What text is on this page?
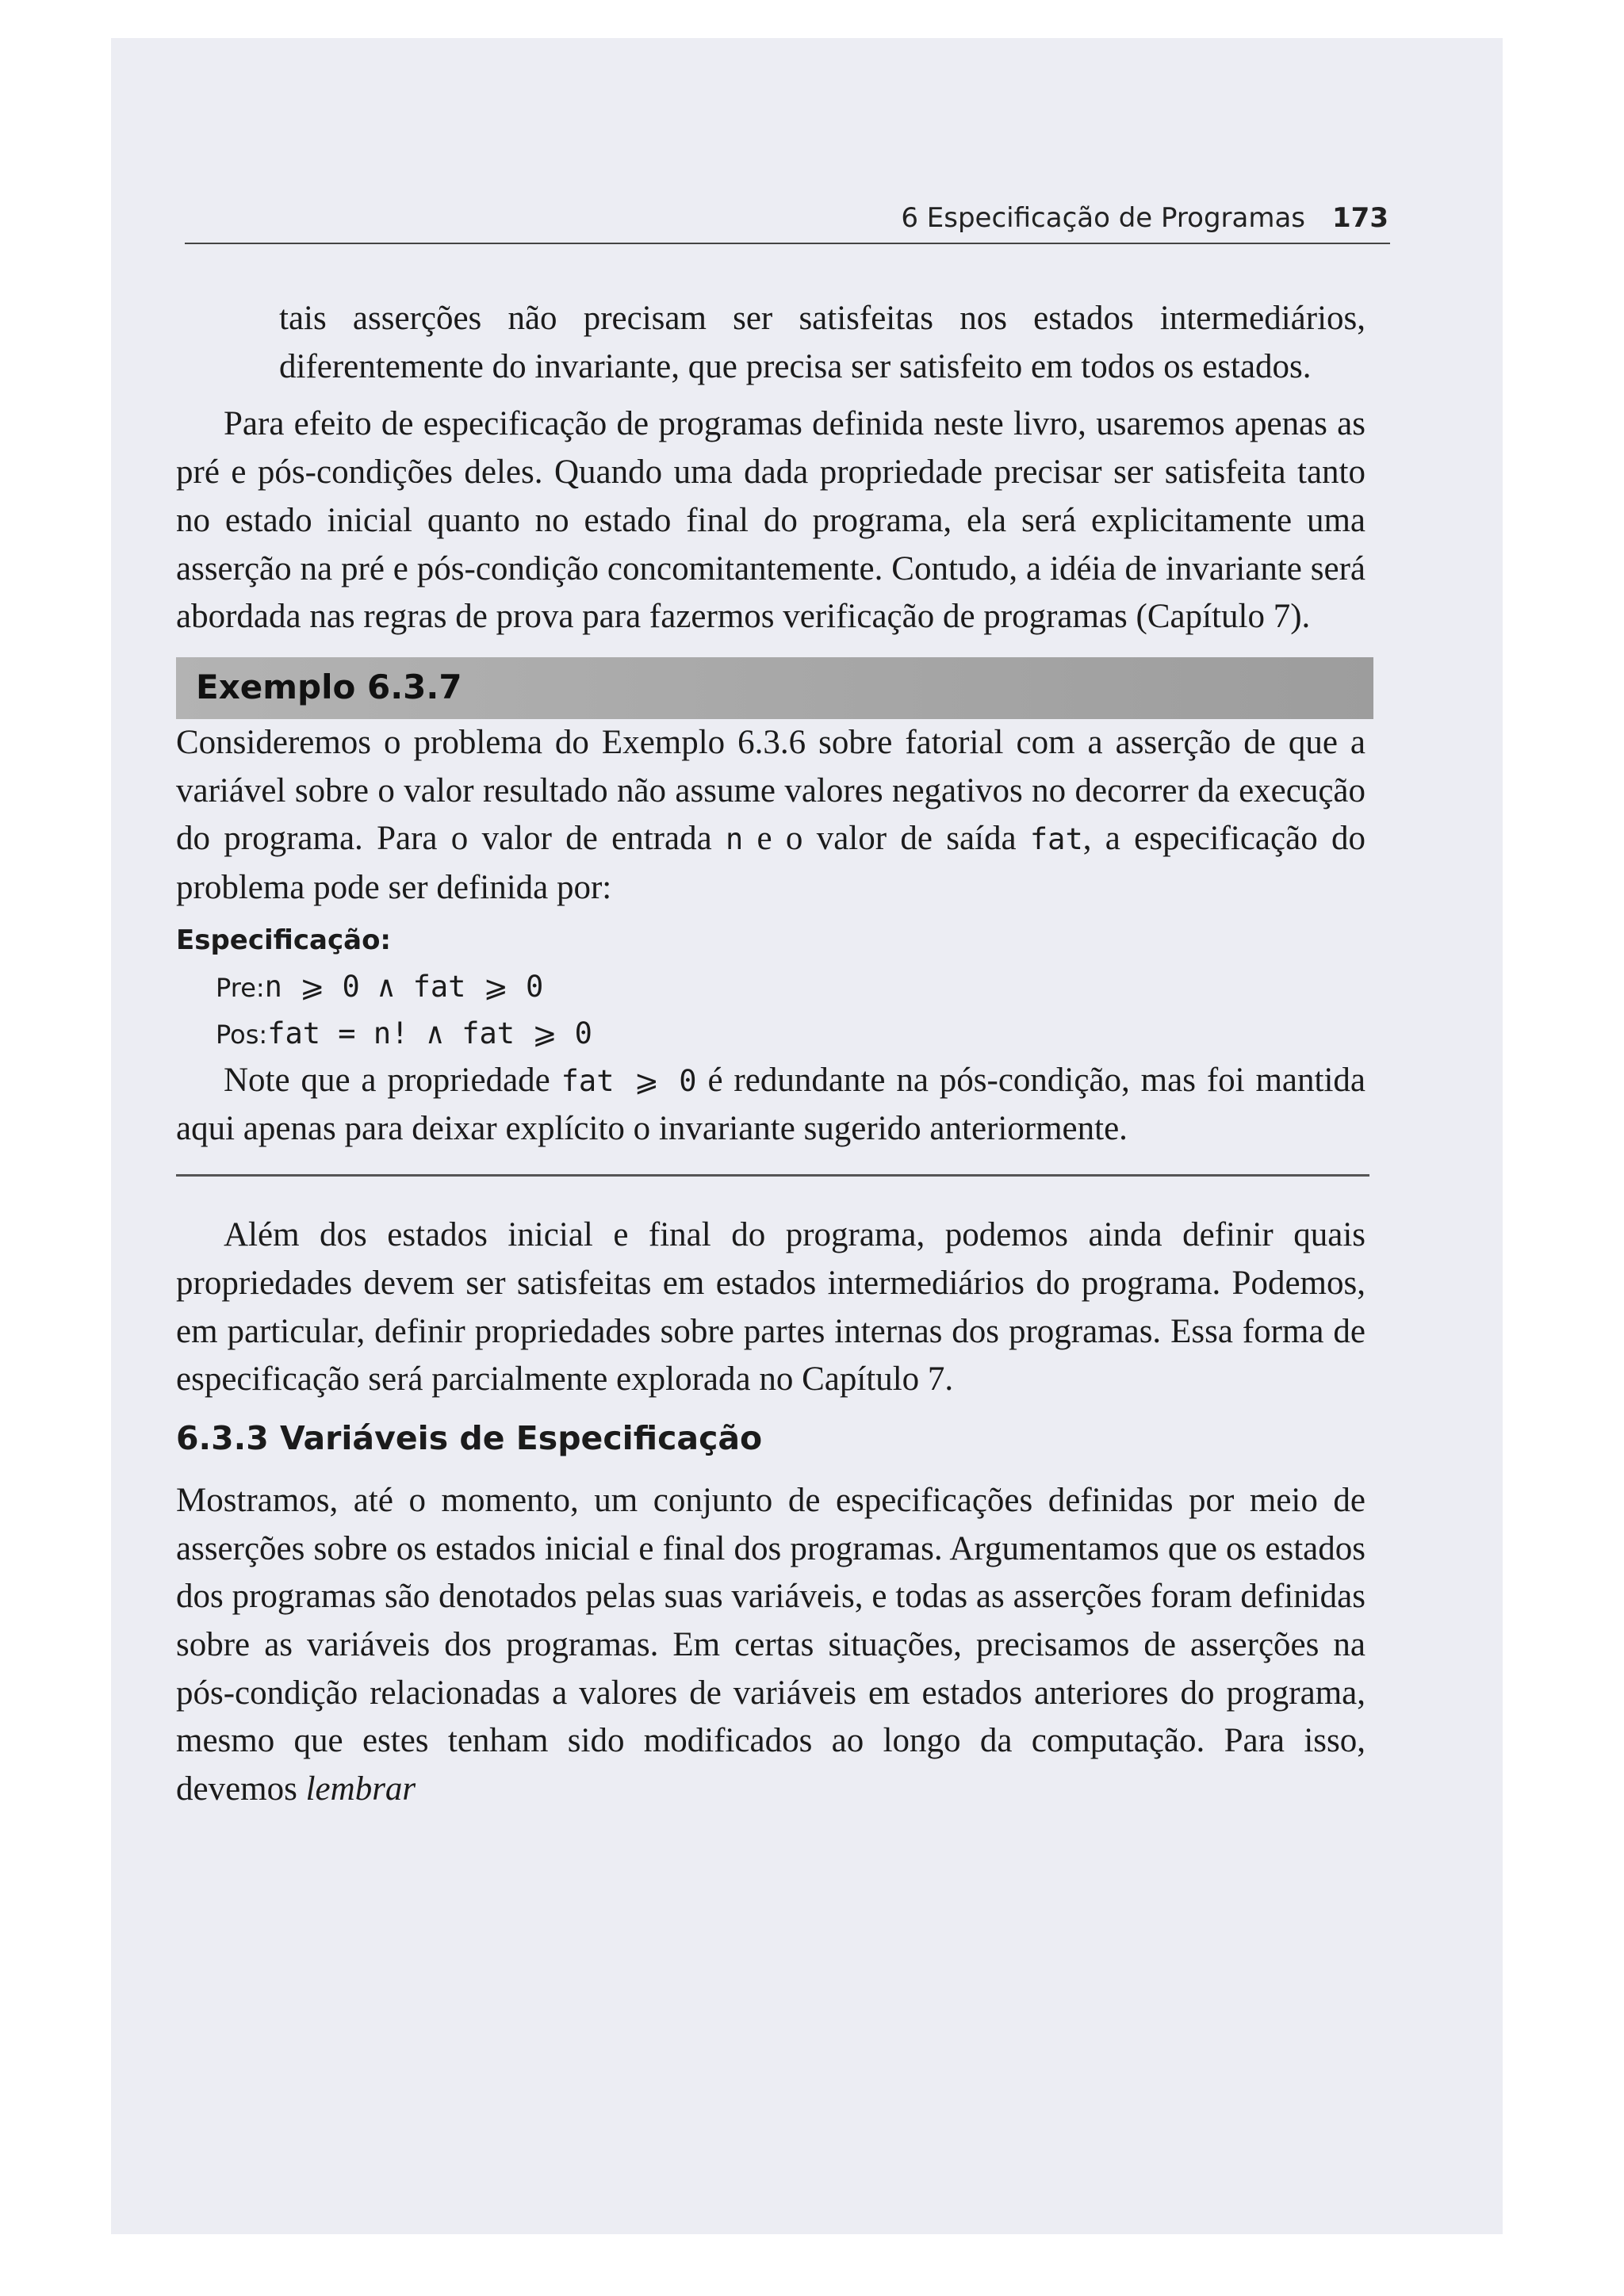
6 Especificação de Programas 173

tais asserções não precisam ser satisfeitas nos estados intermediários, diferentemente do invariante, que precisa ser satisfeito em todos os estados.

Para efeito de especificação de programas definida neste livro, usaremos apenas as pré e pós-condições deles. Quando uma dada propriedade precisar ser satisfeita tanto no estado inicial quanto no estado final do programa, ela será explicitamente uma asserção na pré e pós-condição concomitantemente. Contudo, a idéia de invariante será abordada nas regras de prova para fazermos verificação de programas (Capítulo 7).

Exemplo 6.3.7

Consideremos o problema do Exemplo 6.3.6 sobre fatorial com a asserção de que a variável sobre o valor resultado não assume valores negativos no decorrer da execução do programa. Para o valor de entrada n e o valor de saída fat, a especificação do problema pode ser definida por:

Especificação:

Pre:n ⩾ 0 ∧ fat ⩾ 0

Pos:fat = n! ∧ fat ⩾ 0

Note que a propriedade fat ⩾ 0 é redundante na pós-condição, mas foi mantida aqui apenas para deixar explícito o invariante sugerido anteriormente.

Além dos estados inicial e final do programa, podemos ainda definir quais propriedades devem ser satisfeitas em estados intermediários do programa. Podemos, em particular, definir propriedades sobre partes internas dos programas. Essa forma de especificação será parcialmente explorada no Capítulo 7.

6.3.3 Variáveis de Especificação

Mostramos, até o momento, um conjunto de especificações definidas por meio de asserções sobre os estados inicial e final dos programas. Argumentamos que os estados dos programas são denotados pelas suas variáveis, e todas as asserções foram definidas sobre as variáveis dos programas. Em certas situações, precisamos de asserções na pós-condição relacionadas a valores de variáveis em estados anteriores do programa, mesmo que estes tenham sido modificados ao longo da computação. Para isso, devemos lembrar
